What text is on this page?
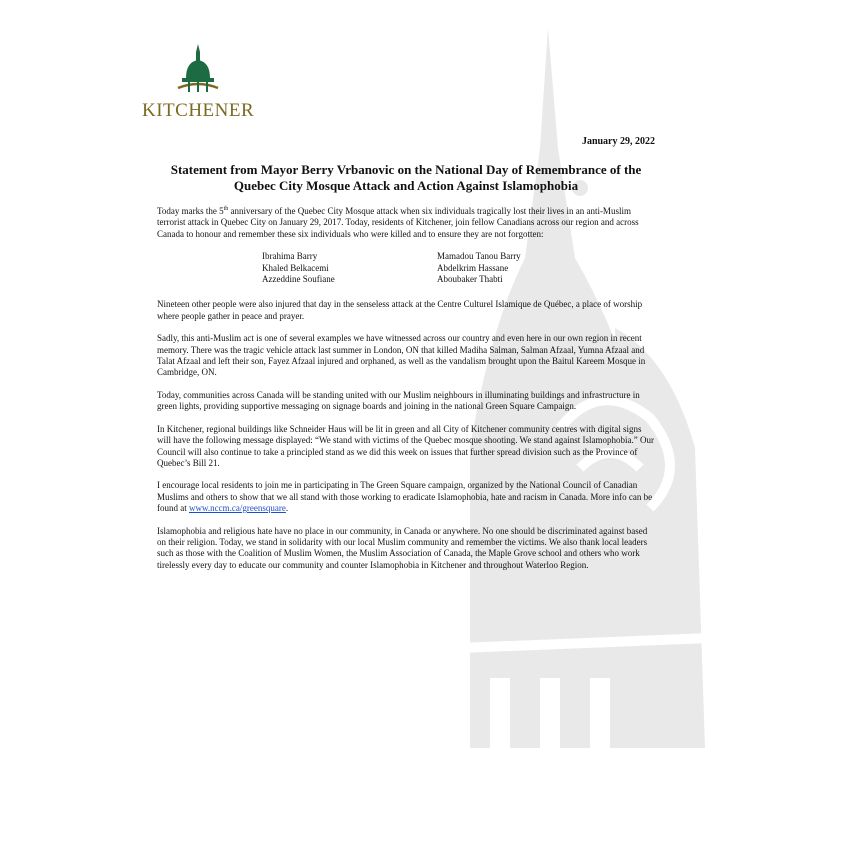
KITCHENER
January 29, 2022
Statement from Mayor Berry Vrbanovic on the National Day of Remembrance of the Quebec City Mosque Attack and Action Against Islamophobia

Today marks the 5th anniversary of the Quebec City Mosque attack when six individuals tragically lost their lives in an anti-Muslim terrorist attack in Quebec City on January 29, 2017. Today, residents of Kitchener, join fellow Canadians across our region and across Canada to honour and remember these six individuals who were killed and to ensure they are not forgotten:

Ibrahima Barry	Mamadou Tanou Barry
Khaled Belkacemi	Abdelkrim Hassane
Azzeddine Soufiane	Aboubaker Thabti

Nineteen other people were also injured that day in the senseless attack at the Centre Culturel Islamique de Québec, a place of worship where people gather in peace and prayer.

Sadly, this anti-Muslim act is one of several examples we have witnessed across our country and even here in our own region in recent memory. There was the tragic vehicle attack last summer in London, ON that killed Madiha Salman, Salman Afzaal, Yumna Afzaal and Talat Afzaal and left their son, Fayez Afzaal injured and orphaned, as well as the vandalism brought upon the Baitul Kareem Mosque in Cambridge, ON.

Today, communities across Canada will be standing united with our Muslim neighbours in illuminating buildings and infrastructure in green lights, providing supportive messaging on signage boards and joining in the national Green Square Campaign.

In Kitchener, regional buildings like Schneider Haus will be lit in green and all City of Kitchener community centres with digital signs will have the following message displayed: “We stand with victims of the Quebec mosque shooting. We stand against Islamophobia.” Our Council will also continue to take a principled stand as we did this week on issues that further spread division such as the Province of Quebec’s Bill 21.

I encourage local residents to join me in participating in The Green Square campaign, organized by the National Council of Canadian Muslims and others to show that we all stand with those working to eradicate Islamophobia, hate and racism in Canada. More info can be found at www.nccm.ca/greensquare.

Islamophobia and religious hate have no place in our community, in Canada or anywhere. No one should be discriminated against based on their religion. Today, we stand in solidarity with our local Muslim community and remember the victims. We also thank local leaders such as those with the Coalition of Muslim Women, the Muslim Association of Canada, the Maple Grove school and others who work tirelessly every day to educate our community and counter Islamophobia in Kitchener and throughout Waterloo Region.
